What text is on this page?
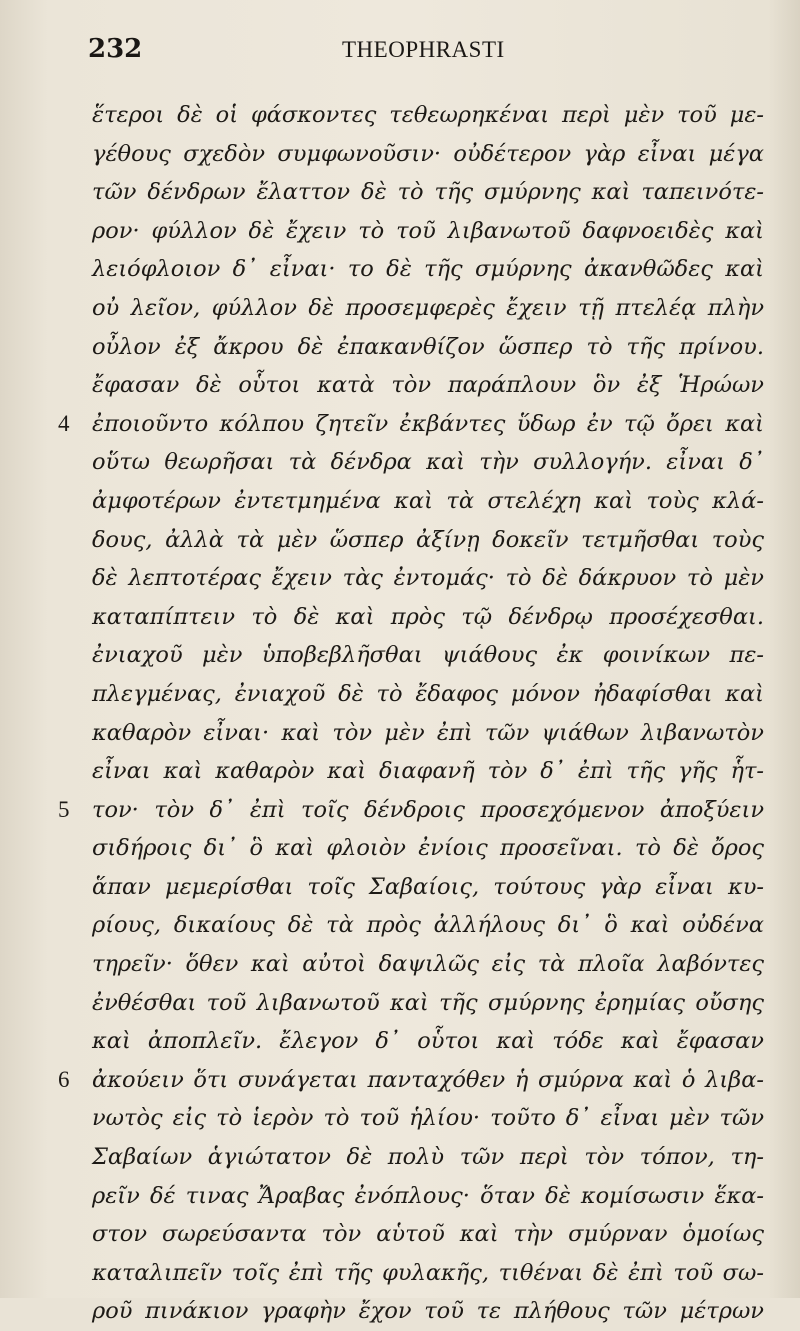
232	THEOPHRASTI
4
5
6
ἕτεροι δὲ οἱ φάσκοντες τεθεωρηκέναι περὶ μὲν τοῦ με-
γέθους σχεδὸν συμφωνοῦσιν· οὐδέτερον γὰρ εἶναι μέγα
τῶν δένδρων ἔλαττον δὲ τὸ τῆς σμύρνης καὶ ταπεινότε-
ρον· φύλλον δὲ ἔχειν τὸ τοῦ λιβανωτοῦ δαφνοειδὲς καὶ
λειόφλοιον δ᾽ εἶναι· το δὲ τῆς σμύρνης ἀκανθῶδες καὶ
οὐ λεῖον, φύλλον δὲ προσεμφερὲς ἔχειν τῇ πτελέᾳ πλὴν
οὖλον ἐξ ἄκρου δὲ ἐπακανθίζον ὥσπερ τὸ τῆς πρίνου.
ἔφασαν δὲ οὗτοι κατὰ τὸν παράπλουν ὃν ἐξ Ἡρώων
ἐποιοῦντο κόλπου ζητεῖν ἐκβάντες ὕδωρ ἐν τῷ ὄρει καὶ
οὕτω θεωρῆσαι τὰ δένδρα καὶ τὴν συλλογήν. εἶναι δ᾽
ἀμφοτέρων ἐντετμημένα καὶ τὰ στελέχη καὶ τοὺς κλά-
δους, ἀλλὰ τὰ μὲν ὥσπερ ἀξίνῃ δοκεῖν τετμῆσθαι τοὺς
δὲ λεπτοτέρας ἔχειν τὰς ἐντομάς· τὸ δὲ δάκρυον τὸ μὲν
καταπίπτειν τὸ δὲ καὶ πρὸς τῷ δένδρῳ προσέχεσθαι.
ἐνιαχοῦ μὲν ὑποβεβλῆσθαι ψιάθους ἐκ φοινίκων πε-
πλεγμένας, ἐνιαχοῦ δὲ τὸ ἔδαφος μόνον ἠδαφίσθαι καὶ
καθαρὸν εἶναι· καὶ τὸν μὲν ἐπὶ τῶν ψιάθων λιβανωτὸν
εἶναι καὶ καθαρὸν καὶ διαφανῆ τὸν δ᾽ ἐπὶ τῆς γῆς ἧτ-
τον· τὸν δ᾽ ἐπὶ τοῖς δένδροις προσεχόμενον ἀποξύειν
σιδήροις δι᾽ ὃ καὶ φλοιὸν ἐνίοις προσεῖναι. τὸ δὲ ὄρος
ἅπαν μεμερίσθαι τοῖς Σαβαίοις, τούτους γὰρ εἶναι κυ-
ρίους, δικαίους δὲ τὰ πρὸς ἀλλήλους δι᾽ ὃ καὶ οὐδένα
τηρεῖν· ὅθεν καὶ αὐτοὶ δαψιλῶς εἰς τὰ πλοῖα λαβόντες
ἐνθέσθαι τοῦ λιβανωτοῦ καὶ τῆς σμύρνης ἐρημίας οὔσης
καὶ ἀποπλεῖν. ἔλεγον δ᾽ οὗτοι καὶ τόδε καὶ ἔφασαν
ἀκούειν ὅτι συνάγεται πανταχόθεν ἡ σμύρνα καὶ ὁ λιβα-
νωτὸς εἰς τὸ ἱερὸν τὸ τοῦ ἡλίου· τοῦτο δ᾽ εἶναι μὲν τῶν
Σαβαίων ἁγιώτατον δὲ πολὺ τῶν περὶ τὸν τόπον, τη-
ρεῖν δέ τινας Ἄραβας ἐνόπλους· ὅταν δὲ κομίσωσιν ἕκα-
στον σωρεύσαντα τὸν αὑτοῦ καὶ τὴν σμύρναν ὁμοίως
καταλιπεῖν τοῖς ἐπὶ τῆς φυλακῆς, τιθέναι δὲ ἐπὶ τοῦ σω-
ροῦ πινάκιον γραφὴν ἔχον τοῦ τε πλήθους τῶν μέτρων
